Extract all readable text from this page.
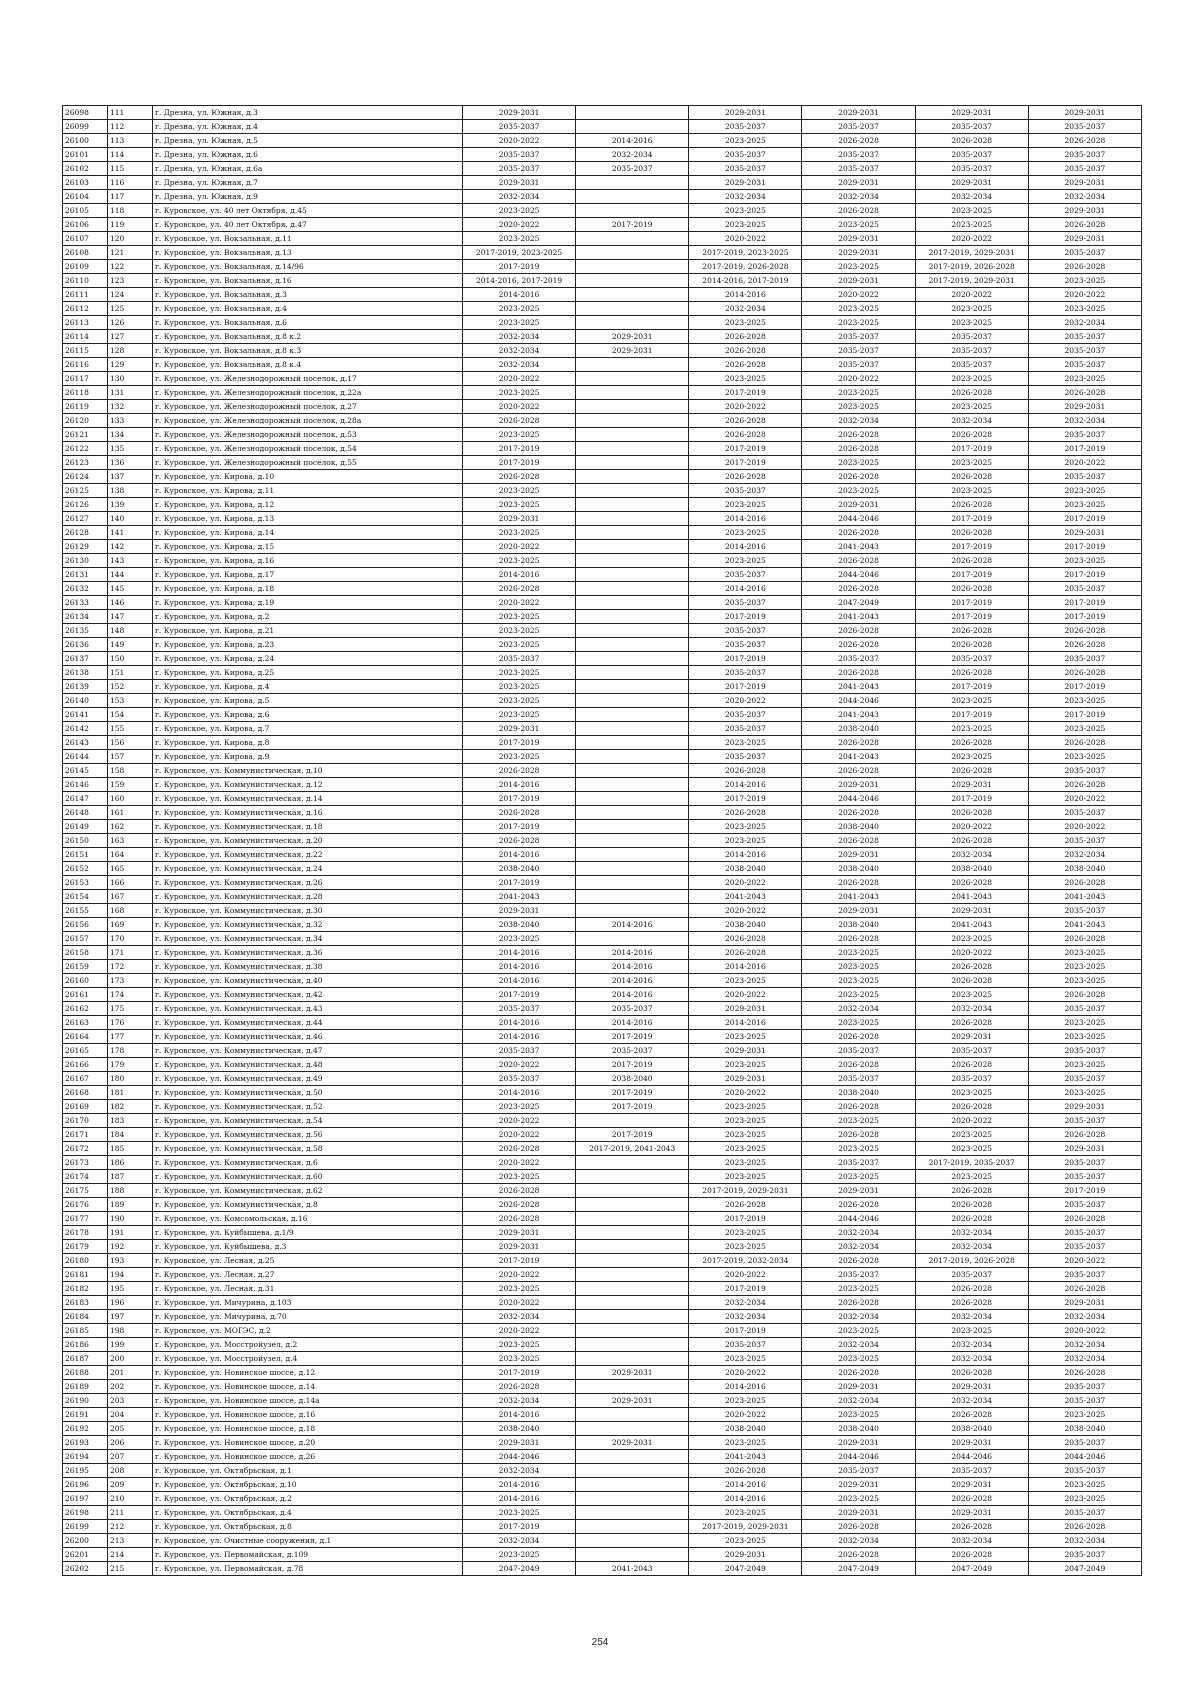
26098	111	г. Дрезна, ул. Южная, д.3	2029-2031		2029-2031	2029-2031	2029-2031	2029-2031
26099	112	г. Дрезна, ул. Южная, д.4	2035-2037		2035-2037	2035-2037	2035-2037	2035-2037
26100	113	г. Дрезна, ул. Южная, д.5	2020-2022	2014-2016	2023-2025	2026-2028	2026-2028	2026-2028
26101	114	г. Дрезна, ул. Южная, д.6	2035-2037	2032-2034	2035-2037	2035-2037	2035-2037	2035-2037
26102	115	г. Дрезна, ул. Южная, д.6а	2035-2037	2035-2037	2035-2037	2035-2037	2035-2037	2035-2037
26103	116	г. Дрезна, ул. Южная, д.7	2029-2031		2029-2031	2029-2031	2029-2031	2029-2031
26104	117	г. Дрезна, ул. Южная, д.9	2032-2034		2032-2034	2032-2034	2032-2034	2032-2034
26105	118	г. Куровское, ул. 40 лет Октября, д.45	2023-2025		2023-2025	2026-2028	2023-2025	2029-2031
26106	119	г. Куровское, ул. 40 лет Октября, д.47	2020-2022	2017-2019	2023-2025	2023-2025	2023-2025	2026-2028
26107	120	г. Куровское, ул. Вокзальная, д.11	2023-2025		2020-2022	2029-2031	2020-2022	2029-2031
26108	121	г. Куровское, ул. Вокзальная, д.13	2017-2019, 2023-2025		2017-2019, 2023-2025	2029-2031	2017-2019, 2029-2031	2035-2037
26109	122	г. Куровское, ул. Вокзальная, д.14/96	2017-2019		2017-2019, 2026-2028	2023-2025	2017-2019, 2026-2028	2026-2028
26110	123	г. Куровское, ул. Вокзальная, д.16	2014-2016, 2017-2019		2014-2016, 2017-2019	2029-2031	2017-2019, 2029-2031	2023-2025
26111	124	г. Куровское, ул. Вокзальная, д.3	2014-2016		2014-2016	2020-2022	2020-2022	2020-2022
26112	125	г. Куровское, ул. Вокзальная, д.4	2023-2025		2032-2034	2023-2025	2023-2025	2023-2025
26113	126	г. Куровское, ул. Вокзальная, д.6	2023-2025		2023-2025	2023-2025	2023-2025	2032-2034
26114	127	г. Куровское, ул. Вокзальная, д.8 к.2	2032-2034	2029-2031	2026-2028	2035-2037	2035-2037	2035-2037
26115	128	г. Куровское, ул. Вокзальная, д.8 к.3	2032-2034	2029-2031	2026-2028	2035-2037	2035-2037	2035-2037
26116	129	г. Куровское, ул. Вокзальная, д.8 к.4	2032-2034		2026-2028	2035-2037	2035-2037	2035-2037
26117	130	г. Куровское, ул. Железнодорожный поселок, д.17	2020-2022		2023-2025	2020-2022	2023-2025	2023-2025
26118	131	г. Куровское, ул. Железнодорожный поселок, д.22а	2023-2025		2017-2019	2023-2025	2026-2028	2026-2028
26119	132	г. Куровское, ул. Железнодорожный поселок, д.27	2020-2022		2020-2022	2023-2025	2023-2025	2029-2031
26120	133	г. Куровское, ул. Железнодорожный поселок, д.28а	2026-2028		2026-2028	2032-2034	2032-2034	2032-2034
26121	134	г. Куровское, ул. Железнодорожный поселок, д.53	2023-2025		2026-2028	2026-2028	2026-2028	2035-2037
26122	135	г. Куровское, ул. Железнодорожный поселок, д.54	2017-2019		2017-2019	2026-2028	2017-2019	2017-2019
26123	136	г. Куровское, ул. Железнодорожный поселок, д.55	2017-2019		2017-2019	2023-2025	2023-2025	2020-2022
26124	137	г. Куровское, ул. Кирова, д.10	2026-2028		2026-2028	2026-2028	2026-2028	2035-2037
26125	138	г. Куровское, ул. Кирова, д.11	2023-2025		2035-2037	2023-2025	2023-2025	2023-2025
26126	139	г. Куровское, ул. Кирова, д.12	2023-2025		2023-2025	2029-2031	2026-2028	2023-2025
26127	140	г. Куровское, ул. Кирова, д.13	2029-2031		2014-2016	2044-2046	2017-2019	2017-2019
26128	141	г. Куровское, ул. Кирова, д.14	2023-2025		2023-2025	2026-2028	2026-2028	2029-2031
26129	142	г. Куровское, ул. Кирова, д.15	2020-2022		2014-2016	2041-2043	2017-2019	2017-2019
26130	143	г. Куровское, ул. Кирова, д.16	2023-2025		2023-2025	2026-2028	2026-2028	2023-2025
26131	144	г. Куровское, ул. Кирова, д.17	2014-2016		2035-2037	2044-2046	2017-2019	2017-2019
26132	145	г. Куровское, ул. Кирова, д.18	2026-2028		2014-2016	2026-2028	2026-2028	2035-2037
26133	146	г. Куровское, ул. Кирова, д.19	2020-2022		2035-2037	2047-2049	2017-2019	2017-2019
26134	147	г. Куровское, ул. Кирова, д.2	2023-2025		2017-2019	2041-2043	2017-2019	2017-2019
26135	148	г. Куровское, ул. Кирова, д.21	2023-2025		2035-2037	2026-2028	2026-2028	2026-2028
26136	149	г. Куровское, ул. Кирова, д.23	2023-2025		2035-2037	2026-2028	2026-2028	2026-2028
26137	150	г. Куровское, ул. Кирова, д.24	2035-2037		2017-2019	2035-2037	2035-2037	2035-2037
26138	151	г. Куровское, ул. Кирова, д.25	2023-2025		2035-2037	2026-2028	2026-2028	2026-2028
26139	152	г. Куровское, ул. Кирова, д.4	2023-2025		2017-2019	2041-2043	2017-2019	2017-2019
26140	153	г. Куровское, ул. Кирова, д.5	2023-2025		2020-2022	2044-2046	2023-2025	2023-2025
26141	154	г. Куровское, ул. Кирова, д.6	2023-2025		2035-2037	2041-2043	2017-2019	2017-2019
26142	155	г. Куровское, ул. Кирова, д.7	2029-2031		2035-2037	2038-2040	2023-2025	2023-2025
26143	156	г. Куровское, ул. Кирова, д.8	2017-2019		2023-2025	2026-2028	2026-2028	2026-2028
26144	157	г. Куровское, ул. Кирова, д.9	2023-2025		2035-2037	2041-2043	2023-2025	2023-2025
26145	158	г. Куровское, ул. Коммунистическая, д.10	2026-2028		2026-2028	2026-2028	2026-2028	2035-2037
26146	159	г. Куровское, ул. Коммунистическая, д.12	2014-2016		2014-2016	2029-2031	2029-2031	2026-2028
26147	160	г. Куровское, ул. Коммунистическая, д.14	2017-2019		2017-2019	2044-2046	2017-2019	2020-2022
26148	161	г. Куровское, ул. Коммунистическая, д.16	2026-2028		2026-2028	2026-2028	2026-2028	2035-2037
26149	162	г. Куровское, ул. Коммунистическая, д.18	2017-2019		2023-2025	2038-2040	2020-2022	2020-2022
26150	163	г. Куровское, ул. Коммунистическая, д.20	2026-2028		2023-2025	2026-2028	2026-2028	2035-2037
26151	164	г. Куровское, ул. Коммунистическая, д.22	2014-2016		2014-2016	2029-2031	2032-2034	2032-2034
26152	165	г. Куровское, ул. Коммунистическая, д.24	2038-2040		2038-2040	2038-2040	2038-2040	2038-2040
26153	166	г. Куровское, ул. Коммунистическая, д.26	2017-2019		2020-2022	2026-2028	2026-2028	2026-2028
26154	167	г. Куровское, ул. Коммунистическая, д.28	2041-2043		2041-2043	2041-2043	2041-2043	2041-2043
26155	168	г. Куровское, ул. Коммунистическая, д.30	2029-2031		2020-2022	2029-2031	2029-2031	2035-2037
26156	169	г. Куровское, ул. Коммунистическая, д.32	2038-2040	2014-2016	2038-2040	2038-2040	2041-2043	2041-2043
26157	170	г. Куровское, ул. Коммунистическая, д.34	2023-2025		2026-2028	2026-2028	2023-2025	2026-2028
26158	171	г. Куровское, ул. Коммунистическая, д.36	2014-2016	2014-2016	2026-2028	2023-2025	2020-2022	2023-2025
26159	172	г. Куровское, ул. Коммунистическая, д.38	2014-2016	2014-2016	2014-2016	2023-2025	2026-2028	2023-2025
26160	173	г. Куровское, ул. Коммунистическая, д.40	2014-2016	2014-2016	2023-2025	2023-2025	2026-2028	2023-2025
26161	174	г. Куровское, ул. Коммунистическая, д.42	2017-2019	2014-2016	2020-2022	2023-2025	2023-2025	2026-2028
26162	175	г. Куровское, ул. Коммунистическая, д.43	2035-2037	2035-2037	2029-2031	2032-2034	2032-2034	2035-2037
26163	176	г. Куровское, ул. Коммунистическая, д.44	2014-2016	2014-2016	2014-2016	2023-2025	2026-2028	2023-2025
26164	177	г. Куровское, ул. Коммунистическая, д.46	2014-2016	2017-2019	2023-2025	2026-2028	2029-2031	2023-2025
26165	178	г. Куровское, ул. Коммунистическая, д.47	2035-2037	2035-2037	2029-2031	2035-2037	2035-2037	2035-2037
26166	179	г. Куровское, ул. Коммунистическая, д.48	2020-2022	2017-2019	2023-2025	2026-2028	2026-2028	2023-2025
26167	180	г. Куровское, ул. Коммунистическая, д.49	2035-2037	2038-2040	2029-2031	2035-2037	2035-2037	2035-2037
26168	181	г. Куровское, ул. Коммунистическая, д.50	2014-2016	2017-2019	2020-2022	2038-2040	2023-2025	2023-2025
26169	182	г. Куровское, ул. Коммунистическая, д.52	2023-2025	2017-2019	2023-2025	2026-2028	2026-2028	2029-2031
26170	183	г. Куровское, ул. Коммунистическая, д.54	2020-2022		2023-2025	2023-2025	2020-2022	2035-2037
26171	184	г. Куровское, ул. Коммунистическая, д.56	2020-2022	2017-2019	2023-2025	2026-2028	2023-2025	2026-2028
26172	185	г. Куровское, ул. Коммунистическая, д.58	2026-2028	2017-2019, 2041-2043	2023-2025	2023-2025	2023-2025	2029-2031
26173	186	г. Куровское, ул. Коммунистическая, д.6	2020-2022		2023-2025	2035-2037	2017-2019, 2035-2037	2035-2037
26174	187	г. Куровское, ул. Коммунистическая, д.60	2023-2025		2023-2025	2023-2025	2023-2025	2035-2037
26175	188	г. Куровское, ул. Коммунистическая, д.62	2026-2028		2017-2019, 2029-2031	2029-2031	2026-2028	2017-2019
26176	189	г. Куровское, ул. Коммунистическая, д.8	2026-2028		2026-2028	2026-2028	2026-2028	2035-2037
26177	190	г. Куровское, ул. Комсомольская, д.16	2026-2028		2017-2019	2044-2046	2026-2028	2026-2028
26178	191	г. Куровское, ул. Куйбышева, д.1/9	2029-2031		2023-2025	2032-2034	2032-2034	2035-2037
26179	192	г. Куровское, ул. Куйбышева, д.3	2029-2031		2023-2025	2032-2034	2032-2034	2035-2037
26180	193	г. Куровское, ул. Лесная, д.25	2017-2019		2017-2019, 2032-2034	2026-2028	2017-2019, 2026-2028	2020-2022
26181	194	г. Куровское, ул. Лесная, д.27	2020-2022		2020-2022	2035-2037	2035-2037	2035-2037
26182	195	г. Куровское, ул. Лесная, д.31	2023-2025		2017-2019	2023-2025	2026-2028	2026-2028
26183	196	г. Куровское, ул. Мичурина, д.103	2020-2022		2032-2034	2026-2028	2026-2028	2029-2031
26184	197	г. Куровское, ул. Мичурина, д.70	2032-2034		2032-2034	2032-2034	2032-2034	2032-2034
26185	198	г. Куровское, ул. МОГЭС, д.2	2020-2022		2017-2019	2023-2025	2023-2025	2020-2022
26186	199	г. Куровское, ул. Мосстройузел, д.2	2023-2025		2035-2037	2032-2034	2032-2034	2032-2034
26187	200	г. Куровское, ул. Мосстройузел, д.4	2023-2025		2023-2025	2023-2025	2032-2034	2032-2034
26188	201	г. Куровское, ул. Новинское шоссе, д.12	2017-2019	2029-2031	2020-2022	2026-2028	2026-2028	2026-2028
26189	202	г. Куровское, ул. Новинское шоссе, д.14	2026-2028		2014-2016	2029-2031	2029-2031	2035-2037
26190	203	г. Куровское, ул. Новинское шоссе, д.14а	2032-2034	2029-2031	2023-2025	2032-2034	2032-2034	2035-2037
26191	204	г. Куровское, ул. Новинское шоссе, д.16	2014-2016		2020-2022	2023-2025	2026-2028	2023-2025
26192	205	г. Куровское, ул. Новинское шоссе, д.18	2038-2040		2038-2040	2038-2040	2038-2040	2038-2040
26193	206	г. Куровское, ул. Новинское шоссе, д.20	2029-2031	2029-2031	2023-2025	2029-2031	2029-2031	2035-2037
26194	207	г. Куровское, ул. Новинское шоссе, д.26	2044-2046		2041-2043	2044-2046	2044-2046	2044-2046
26195	208	г. Куровское, ул. Октябрьская, д.1	2032-2034		2026-2028	2035-2037	2035-2037	2035-2037
26196	209	г. Куровское, ул. Октябрьская, д.10	2014-2016		2014-2016	2029-2031	2029-2031	2023-2025
26197	210	г. Куровское, ул. Октябрьская, д.2	2014-2016		2014-2016	2023-2025	2026-2028	2023-2025
26198	211	г. Куровское, ул. Октябрьская, д.4	2023-2025		2023-2025	2029-2031	2029-2031	2035-2037
26199	212	г. Куровское, ул. Октябрьская, д.8	2017-2019		2017-2019, 2029-2031	2026-2028	2026-2028	2026-2028
26200	213	г. Куровское, ул. Очистные сооружения, д.1	2032-2034		2023-2025	2032-2034	2032-2034	2032-2034
26201	214	г. Куровское, ул. Первомайская, д.109	2023-2025		2029-2031	2026-2028	2026-2028	2035-2037
26202	215	г. Куровское, ул. Первомайская, д.78	2047-2049	2041-2043	2047-2049	2047-2049	2047-2049	2047-2049
254
